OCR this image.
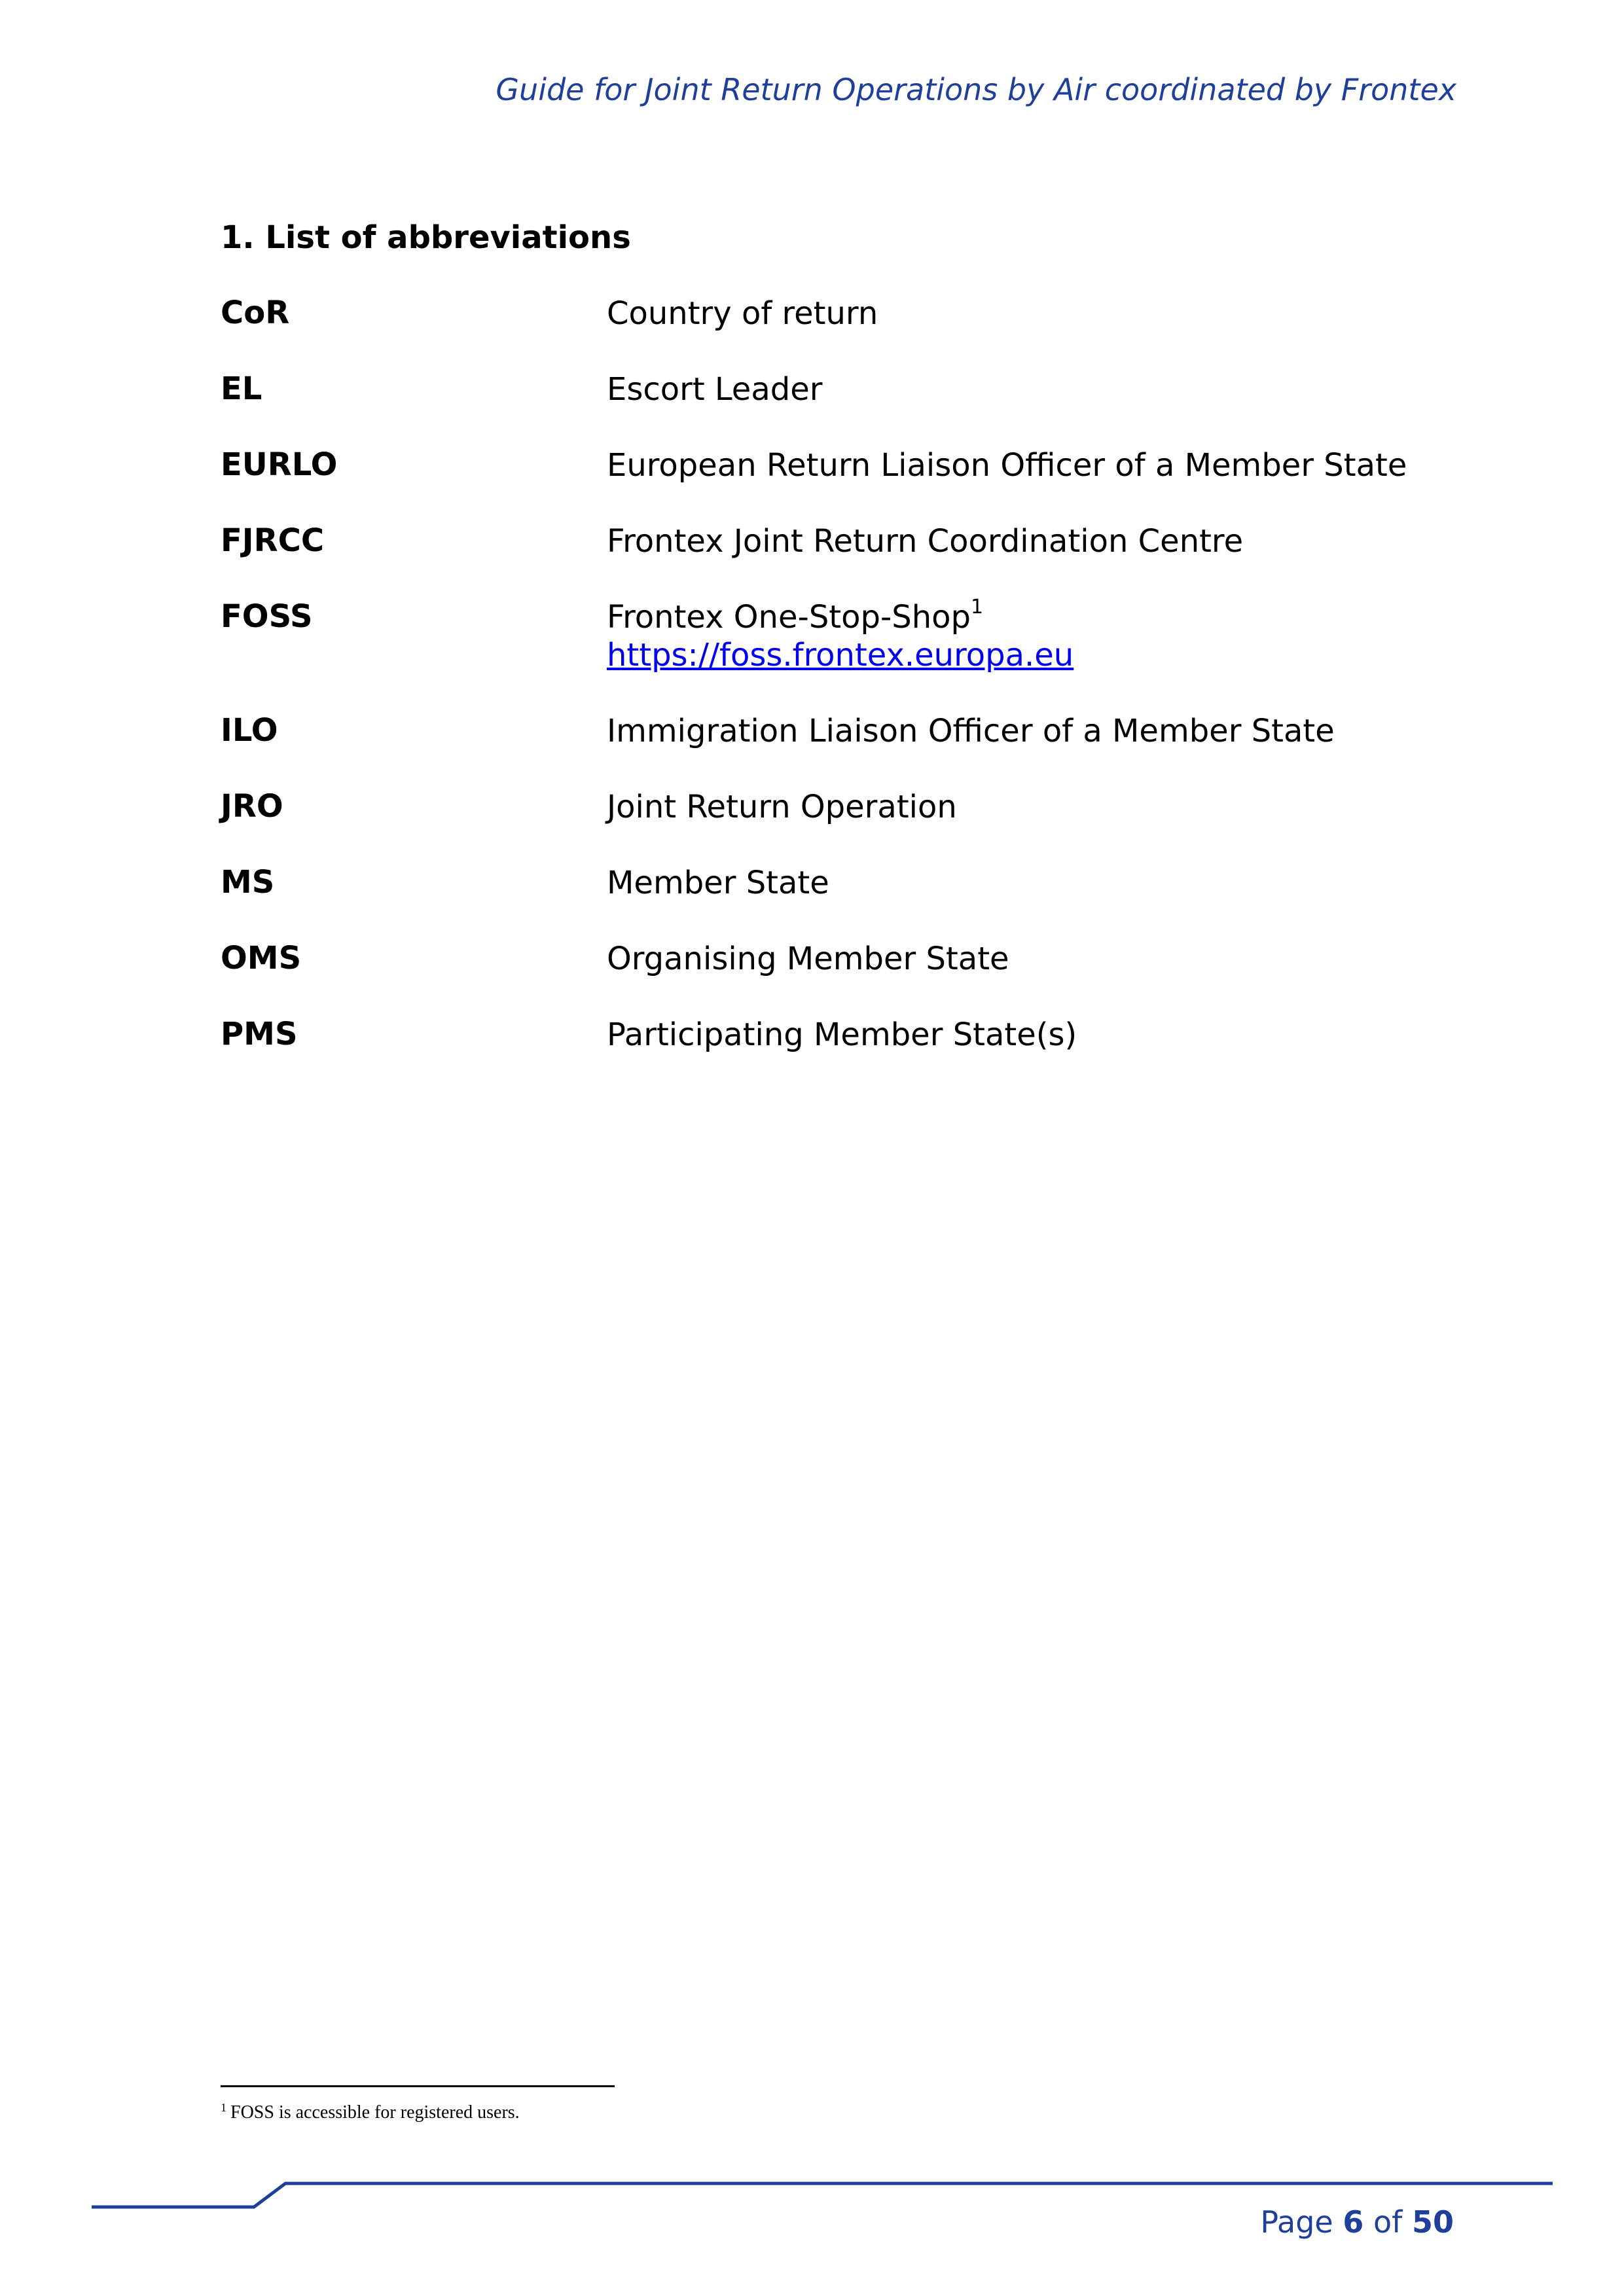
Guide for Joint Return Operations by Air coordinated by Frontex
1. List of abbreviations
CoR	Country of return
EL	Escort Leader
EURLO	European Return Liaison Officer of a Member State
FJRCC	Frontex Joint Return Coordination Centre
FOSS	Frontex One-Stop-Shop$^1$
https://foss.frontex.europa.eu
ILO	Immigration Liaison Officer of a Member State
JRO	Joint Return Operation
MS	Member State
OMS	Organising Member State
PMS	Participating Member State(s)
$^1$ FOSS is accessible for registered users.
Page 6 of 50
